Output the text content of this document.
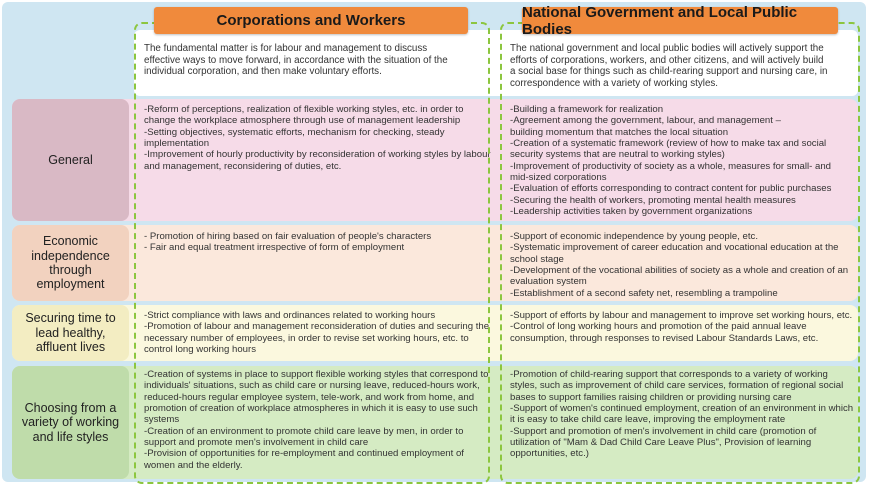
General
Economic
independence
through
employment
Securing time to
lead healthy,
affluent lives
Choosing from a
variety of working
and life styles
Corporations and Workers	National Government and Local Public Bodies
The fundamental matter is for labour and management to discuss
effective ways to move forward, in accordance with the situation of the
individual corporation, and then make voluntary efforts.
The national government and local public bodies will actively support the
efforts of corporations, workers, and other citizens, and will actively build
a social base for things such as child-rearing support and nursing care, in
correspondence with a variety of working styles.
-Reform of perceptions, realization of flexible working styles, etc. in order to
change the workplace atmosphere through use of management leadership
-Setting objectives, systematic efforts, mechanism for checking, steady
implementation
-Improvement of hourly productivity by reconsideration of working styles by labour
and management, reconsidering of duties, etc.
-Building a framework for realization
-Agreement among the government, labour, and management –
building momentum that matches the local situation
-Creation of a systematic framework (review of how to make tax and social
security systems that are neutral to working styles)
-Improvement of productivity of society as a whole, measures for small- and
mid-sized corporations
-Evaluation of efforts corresponding to contract content for public purchases
-Securing the health of workers, promoting mental health measures
-Leadership activities taken by government organizations
- Promotion of hiring based on fair evaluation of people's characters
- Fair and equal treatment irrespective of form of employment
-Support of economic independence by young people, etc.
-Systematic improvement of career education and vocational education at the
school stage
-Development of the vocational abilities of society as a whole and creation of an
evaluation system
-Establishment of a second safety net, resembling a trampoline
-Strict compliance with laws and ordinances related to working hours
-Promotion of labour and management reconsideration of duties and securing the
necessary number of employees, in order to revise set working hours, etc. to
control long working hours
-Support of efforts by labour and management to improve set working hours, etc.
-Control of long working hours and promotion of the paid annual leave
consumption, through responses to revised Labour Standards Laws, etc.
-Creation of systems in place to support flexible working styles that correspond to
individuals' situations, such as child care or nursing leave, reduced-hours work,
reduced-hours regular employee system, tele-work, and work from home, and
promotion of creation of workplace atmospheres in which it is easy to use such
systems
-Creation of an environment to promote child care leave by men, in order to
support and promote men's involvement in child care
-Provision of opportunities for re-employment and continued employment of
women and the elderly.
-Promotion of child-rearing support that corresponds to a variety of working
styles, such as improvement of child care services, formation of regional social
bases to support families raising children or providing nursing care
-Support of women's continued employment, creation of an environment in which
it is easy to take child care leave, improving the employment rate
-Support and promotion of men's involvement in child care (promotion of
utilization of "Mam & Dad Child Care Leave Plus", Provision of learning
opportunities, etc.)
